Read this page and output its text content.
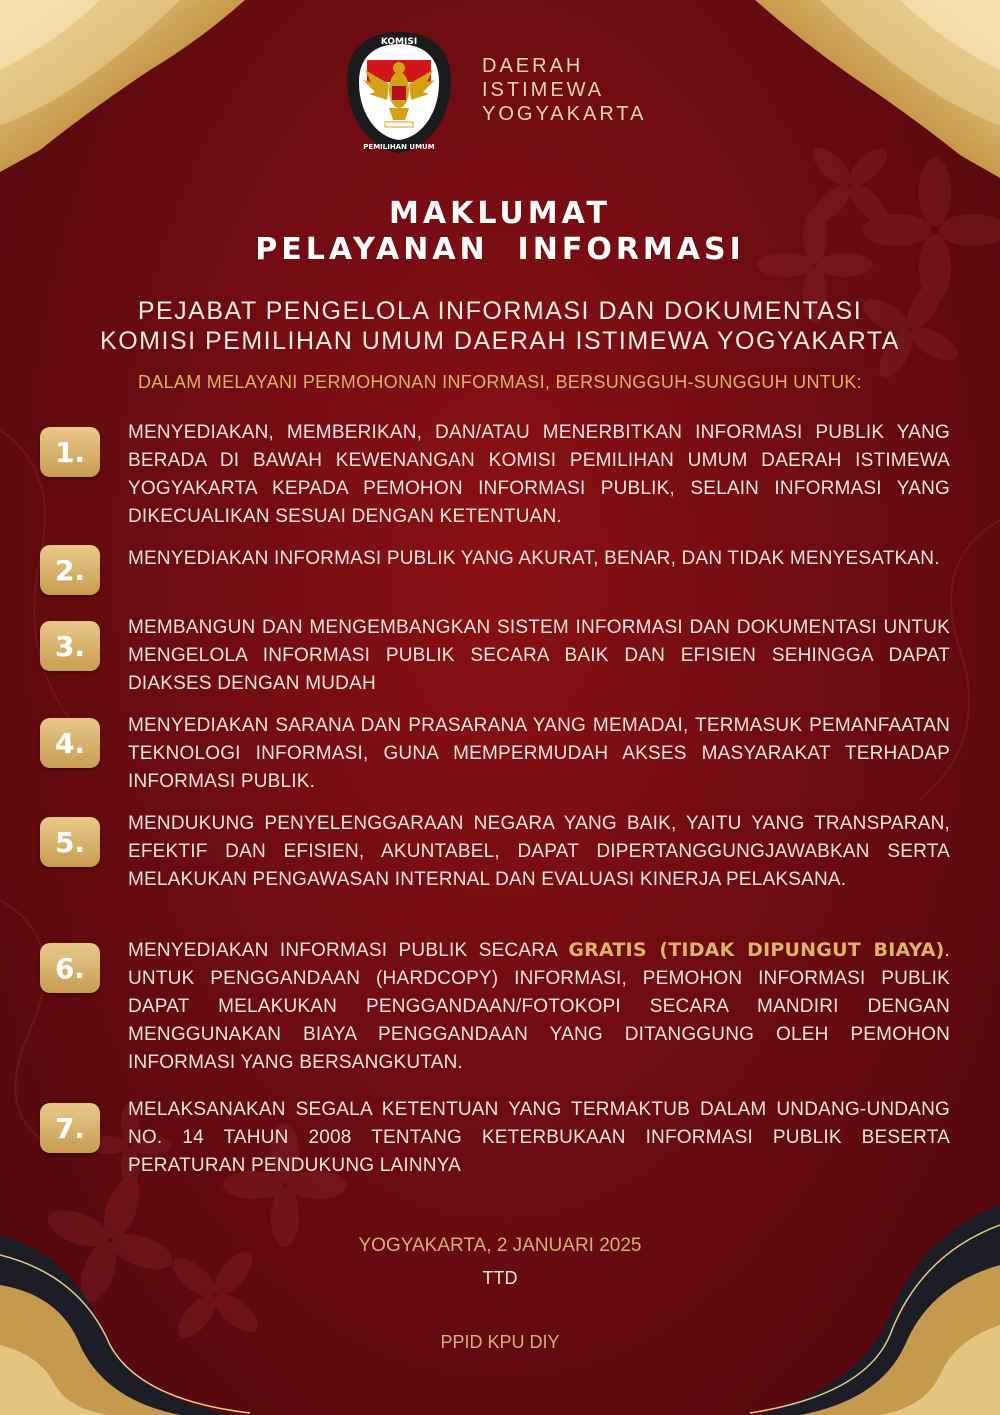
KOMISI
PEMILIHAN UMUM
DAERAH
ISTIMEWA
YOGYAKARTA
MAKLUMAT
PELAYANAN  INFORMASI
PEJABAT PENGELOLA INFORMASI DAN DOKUMENTASI
KOMISI PEMILIHAN UMUM DAERAH ISTIMEWA YOGYAKARTA
DALAM MELAYANI PERMOHONAN INFORMASI, BERSUNGGUH-SUNGGUH UNTUK:
1.
MENYEDIAKAN, MEMBERIKAN, DAN/ATAU MENERBITKAN INFORMASI PUBLIK YANG BERADA DI BAWAH KEWENANGAN KOMISI PEMILIHAN UMUM DAERAH ISTIMEWA YOGYAKARTA KEPADA PEMOHON INFORMASI PUBLIK, SELAIN INFORMASI YANG DIKECUALIKAN SESUAI DENGAN KETENTUAN.
2.	MENYEDIAKAN INFORMASI PUBLIK YANG AKURAT, BENAR, DAN TIDAK MENYESATKAN.
3.
MEMBANGUN DAN MENGEMBANGKAN SISTEM INFORMASI DAN DOKUMENTASI UNTUK MENGELOLA INFORMASI PUBLIK SECARA BAIK DAN EFISIEN SEHINGGA DAPAT DIAKSES DENGAN MUDAH
4.
MENYEDIAKAN SARANA DAN PRASARANA YANG MEMADAI, TERMASUK PEMANFAATAN TEKNOLOGI INFORMASI, GUNA MEMPERMUDAH AKSES MASYARAKAT TERHADAP INFORMASI PUBLIK.
5.
MENDUKUNG PENYELENGGARAAN NEGARA YANG BAIK, YAITU YANG TRANSPARAN, EFEKTIF DAN EFISIEN, AKUNTABEL, DAPAT DIPERTANGGUNGJAWABKAN SERTA MELAKUKAN PENGAWASAN INTERNAL DAN EVALUASI KINERJA PELAKSANA.
6.
MENYEDIAKAN INFORMASI PUBLIK SECARA GRATIS (TIDAK DIPUNGUT BIAYA). UNTUK PENGGANDAAN (HARDCOPY) INFORMASI, PEMOHON INFORMASI PUBLIK DAPAT MELAKUKAN PENGGANDAAN/FOTOKOPI SECARA MANDIRI DENGAN MENGGUNAKAN BIAYA PENGGANDAAN YANG DITANGGUNG OLEH PEMOHON INFORMASI YANG BERSANGKUTAN.
7.
MELAKSANAKAN SEGALA KETENTUAN YANG TERMAKTUB DALAM UNDANG-UNDANG NO. 14 TAHUN 2008 TENTANG KETERBUKAAN INFORMASI PUBLIK BESERTA PERATURAN PENDUKUNG LAINNYA
YOGYAKARTA, 2 JANUARI 2025
TTD
PPID KPU DIY
